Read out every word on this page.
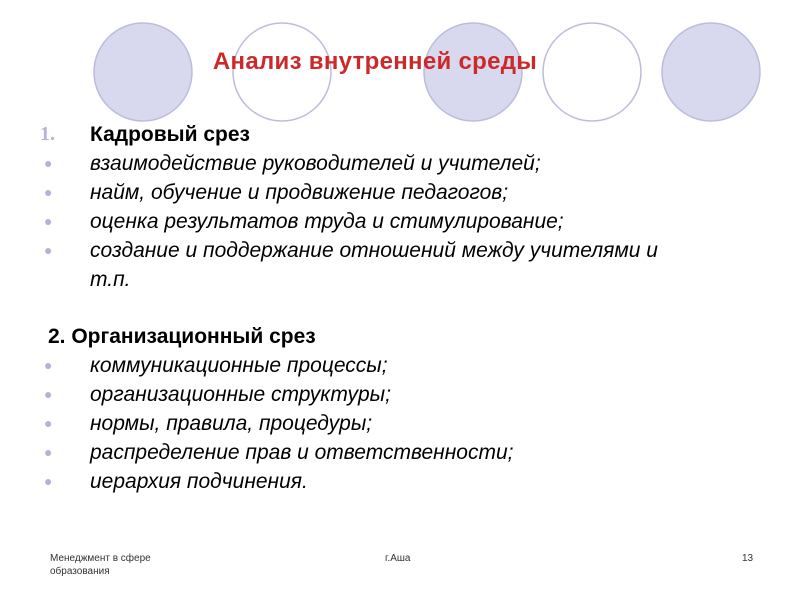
Анализ внутренней среды
1.	Кадровый срез
●	взаимодействие руководителей и учителей;
●	найм, обучение и продвижение педагогов;
●	оценка результатов труда и стимулирование;
●	создание и поддержание отношений между учителями и т.п.
2. Организационный срез
●	коммуникационные процессы;
●	организационные структуры;
●	нормы, правила, процедуры;
●	распределение прав и ответственности;
●	иерархия подчинения.
Менеджмент в сфере образования
г.Аша	13
